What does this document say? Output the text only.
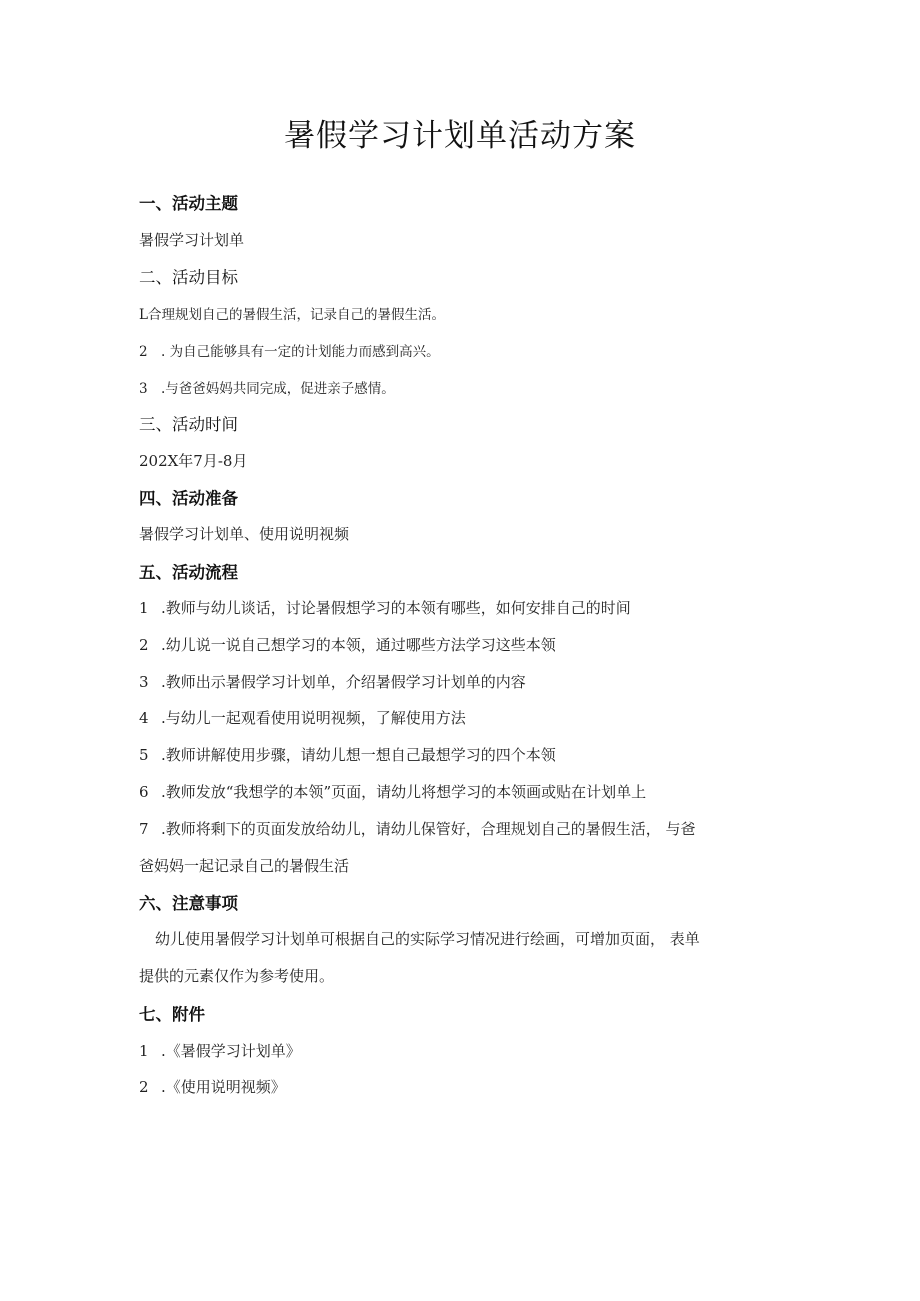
暑假学习计划单活动方案
一、活动主题
暑假学习计划单
二、活动目标
L合理规划自己的暑假生活，记录自己的暑假生活。
2 . 为自己能够具有一定的计划能力而感到高兴。
3 .与爸爸妈妈共同完成，促进亲子感情。
三、活动时间
202X年7月-8月
四、活动准备
暑假学习计划单、使用说明视频
五、活动流程
1 .教师与幼儿谈话，讨论暑假想学习的本领有哪些，如何安排自己的时间
2 .幼儿说一说自己想学习的本领，通过哪些方法学习这些本领
3 .教师出示暑假学习计划单，介绍暑假学习计划单的内容
4 .与幼儿一起观看使用说明视频，了解使用方法
5 .教师讲解使用步骤，请幼儿想一想自己最想学习的四个本领
6 .教师发放“我想学的本领”页面，请幼儿将想学习的本领画或贴在计划单上
7 .教师将剩下的页面发放给幼儿，请幼儿保管好，合理规划自己的暑假生活， 与爸
爸妈妈一起记录自己的暑假生活
六、注意事项
幼儿使用暑假学习计划单可根据自己的实际学习情况进行绘画，可增加页面， 表单
提供的元素仅作为参考使用。
七、附件
1 .《暑假学习计划单》
2 .《使用说明视频》
